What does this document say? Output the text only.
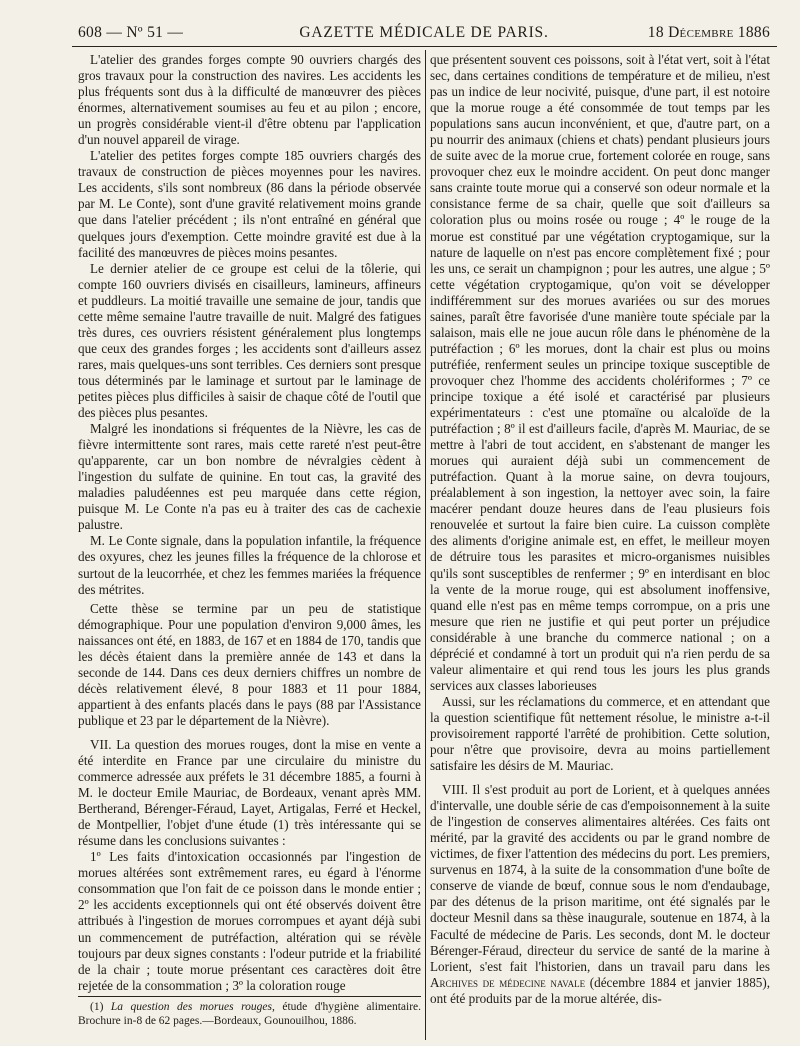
608 — Nº 51 —	GAZETTE MÉDICALE DE PARIS.	18 Décembre 1886

L'atelier des grandes forges compte 90 ouvriers chargés des gros travaux pour la construction des navires. Les accidents les plus fréquents sont dus à la difficulté de manœuvrer des pièces énormes, alternativement soumises au feu et au pilon ; encore, un progrès considérable vient-il d'être obtenu par l'application d'un nouvel appareil de virage.

L'atelier des petites forges compte 185 ouvriers chargés des travaux de construction de pièces moyennes pour les navires. Les accidents, s'ils sont nombreux (86 dans la période observée par M. Le Conte), sont d'une gravité relativement moins grande que dans l'atelier précédent ; ils n'ont entraîné en général que quelques jours d'exemption. Cette moindre gravité est due à la facilité des manœuvres de pièces moins pesantes.

Le dernier atelier de ce groupe est celui de la tôlerie, qui compte 160 ouvriers divisés en cisailleurs, lamineurs, affineurs et puddleurs. La moitié travaille une semaine de jour, tandis que cette même semaine l'autre travaille de nuit. Malgré des fatigues très dures, ces ouvriers résistent généralement plus longtemps que ceux des grandes forges ; les accidents sont d'ailleurs assez rares, mais quelques-uns sont terribles. Ces derniers sont presque tous déterminés par le laminage et surtout par le laminage de petites pièces plus difficiles à saisir de chaque côté de l'outil que des pièces plus pesantes.

Malgré les inondations si fréquentes de la Nièvre, les cas de fièvre intermittente sont rares, mais cette rareté n'est peut-être qu'apparente, car un bon nombre de névralgies cèdent à l'ingestion du sulfate de quinine. En tout cas, la gravité des maladies paludéennes est peu marquée dans cette région, puisque M. Le Conte n'a pas eu à traiter des cas de cachexie palustre.

M. Le Conte signale, dans la population infantile, la fréquence des oxyures, chez les jeunes filles la fréquence de la chlorose et surtout de la leucorrhée, et chez les femmes mariées la fréquence des métrites.

Cette thèse se termine par un peu de statistique démographique. Pour une population d'environ 9,000 âmes, les naissances ont été, en 1883, de 167 et en 1884 de 170, tandis que les décès étaient dans la première année de 143 et dans la seconde de 144. Dans ces deux derniers chiffres un nombre de décès relativement élevé, 8 pour 1883 et 11 pour 1884, appartient à des enfants placés dans le pays (88 par l'Assistance publique et 23 par le département de la Nièvre).

VII. La question des morues rouges, dont la mise en vente a été interdite en France par une circulaire du ministre du commerce adressée aux préfets le 31 décembre 1885, a fourni à M. le docteur Emile Mauriac, de Bordeaux, venant après MM. Bertherand, Bérenger-Féraud, Layet, Artigalas, Ferré et Heckel, de Montpellier, l'objet d'une étude (1) très intéressante qui se résume dans les conclusions suivantes :

1º Les faits d'intoxication occasionnés par l'ingestion de morues altérées sont extrêmement rares, eu égard à l'énorme consommation que l'on fait de ce poisson dans le monde entier ; 2º les accidents exceptionnels qui ont été observés doivent être attribués à l'ingestion de morues corrompues et ayant déjà subi un commencement de putréfaction, altération qui se révèle toujours par deux signes constants : l'odeur putride et la friabilité de la chair ; toute morue présentant ces caractères doit être rejetée de la consommation ; 3º la coloration rouge

(1) La question des morues rouges, étude d'hygiène alimentaire. Brochure in-8 de 62 pages.—Bordeaux, Gounouilhou, 1886.

que présentent souvent ces poissons, soit à l'état vert, soit à l'état sec, dans certaines conditions de température et de milieu, n'est pas un indice de leur nocivité, puisque, d'une part, il est notoire que la morue rouge a été consommée de tout temps par les populations sans aucun inconvénient, et que, d'autre part, on a pu nourrir des animaux (chiens et chats) pendant plusieurs jours de suite avec de la morue crue, fortement colorée en rouge, sans provoquer chez eux le moindre accident. On peut donc manger sans crainte toute morue qui a conservé son odeur normale et la consistance ferme de sa chair, quelle que soit d'ailleurs sa coloration plus ou moins rosée ou rouge ; 4º le rouge de la morue est constitué par une végétation cryptogamique, sur la nature de laquelle on n'est pas encore complètement fixé ; pour les uns, ce serait un champignon ; pour les autres, une algue ; 5º cette végétation cryptogamique, qu'on voit se développer indifféremment sur des morues avariées ou sur des morues saines, paraît être favorisée d'une manière toute spéciale par la salaison, mais elle ne joue aucun rôle dans le phénomène de la putréfaction ; 6º les morues, dont la chair est plus ou moins putréfiée, renferment seules un principe toxique susceptible de provoquer chez l'homme des accidents cholériformes ; 7º ce principe toxique a été isolé et caractérisé par plusieurs expérimentateurs : c'est une ptomaïne ou alcaloïde de la putréfaction ; 8º il est d'ailleurs facile, d'après M. Mauriac, de se mettre à l'abri de tout accident, en s'abstenant de manger les morues qui auraient déjà subi un commencement de putréfaction. Quant à la morue saine, on devra toujours, préalablement à son ingestion, la nettoyer avec soin, la faire macérer pendant douze heures dans de l'eau plusieurs fois renouvelée et surtout la faire bien cuire. La cuisson complète des aliments d'origine animale est, en effet, le meilleur moyen de détruire tous les parasites et micro-organismes nuisibles qu'ils sont susceptibles de renfermer ; 9º en interdisant en bloc la vente de la morue rouge, qui est absolument inoffensive, quand elle n'est pas en même temps corrompue, on a pris une mesure que rien ne justifie et qui peut porter un préjudice considérable à une branche du commerce national ; on a déprécié et condamné à tort un produit qui n'a rien perdu de sa valeur alimentaire et qui rend tous les jours les plus grands services aux classes laborieuses

Aussi, sur les réclamations du commerce, et en attendant que la question scientifique fût nettement résolue, le ministre a-t-il provisoirement rapporté l'arrêté de prohibition. Cette solution, pour n'être que provisoire, devra au moins partiellement satisfaire les désirs de M. Mauriac.

VIII. Il s'est produit au port de Lorient, et à quelques années d'intervalle, une double série de cas d'empoisonnement à la suite de l'ingestion de conserves alimentaires altérées. Ces faits ont mérité, par la gravité des accidents ou par le grand nombre de victimes, de fixer l'attention des médecins du port. Les premiers, survenus en 1874, à la suite de la consommation d'une boîte de conserve de viande de bœuf, connue sous le nom d'endaubage, par des détenus de la prison maritime, ont été signalés par le docteur Mesnil dans sa thèse inaugurale, soutenue en 1874, à la Faculté de médecine de Paris. Les seconds, dont M. le docteur Bérenger-Féraud, directeur du service de santé de la marine à Lorient, s'est fait l'historien, dans un travail paru dans les Archives de médecine navale (décembre 1884 et janvier 1885), ont été produits par de la morue altérée, dis-
